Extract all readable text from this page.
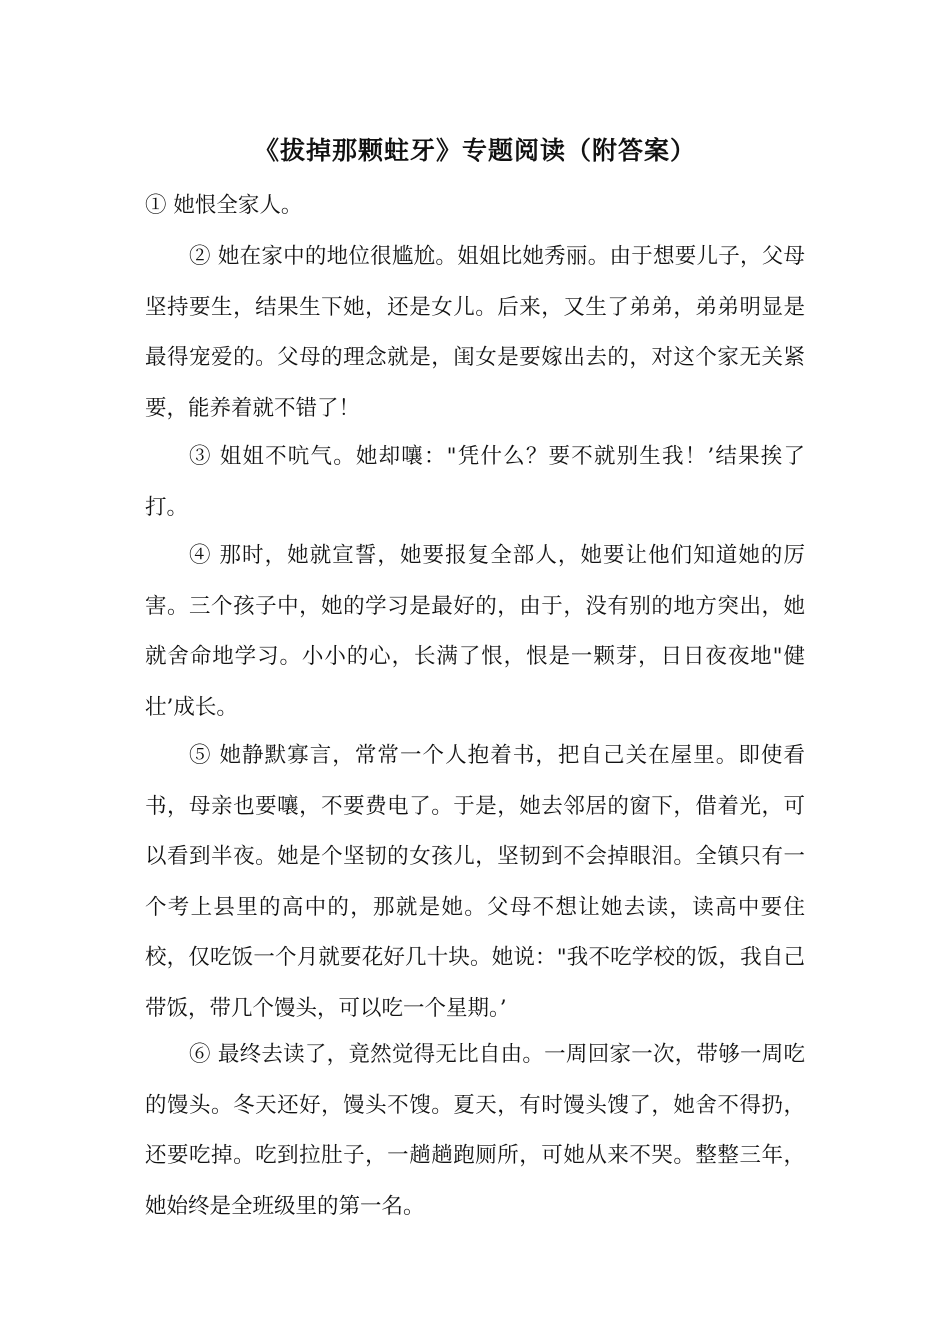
《拔掉那颗蛀牙》专题阅读（附答案）

① 她恨全家人。

② 她在家中的地位很尴尬。姐姐比她秀丽。由于想要儿子，父母坚持要生，结果生下她，还是女儿。后来，又生了弟弟，弟弟明显是最得宠爱的。父母的理念就是，闺女是要嫁出去的，对这个家无关紧要，能养着就不错了！

③ 姐姐不吭气。她却嚷："凭什么？要不就别生我！’结果挨了打。

④ 那时，她就宣誓，她要报复全部人，她要让他们知道她的厉害。三个孩子中，她的学习是最好的，由于，没有别的地方突出，她就舍命地学习。小小的心，长满了恨，恨是一颗芽，日日夜夜地"健壮’成长。

⑤ 她静默寡言，常常一个人抱着书，把自己关在屋里。即使看书，母亲也要嚷，不要费电了。于是，她去邻居的窗下，借着光，可以看到半夜。她是个坚韧的女孩儿，坚韧到不会掉眼泪。全镇只有一个考上县里的高中的，那就是她。父母不想让她去读，读高中要住校，仅吃饭一个月就要花好几十块。她说："我不吃学校的饭，我自己带饭，带几个馒头，可以吃一个星期。’

⑥ 最终去读了，竟然觉得无比自由。一周回家一次，带够一周吃的馒头。冬天还好，馒头不馊。夏天，有时馒头馊了，她舍不得扔，还要吃掉。吃到拉肚子，一趟趟跑厕所，可她从来不哭。整整三年，她始终是全班级里的第一名。
